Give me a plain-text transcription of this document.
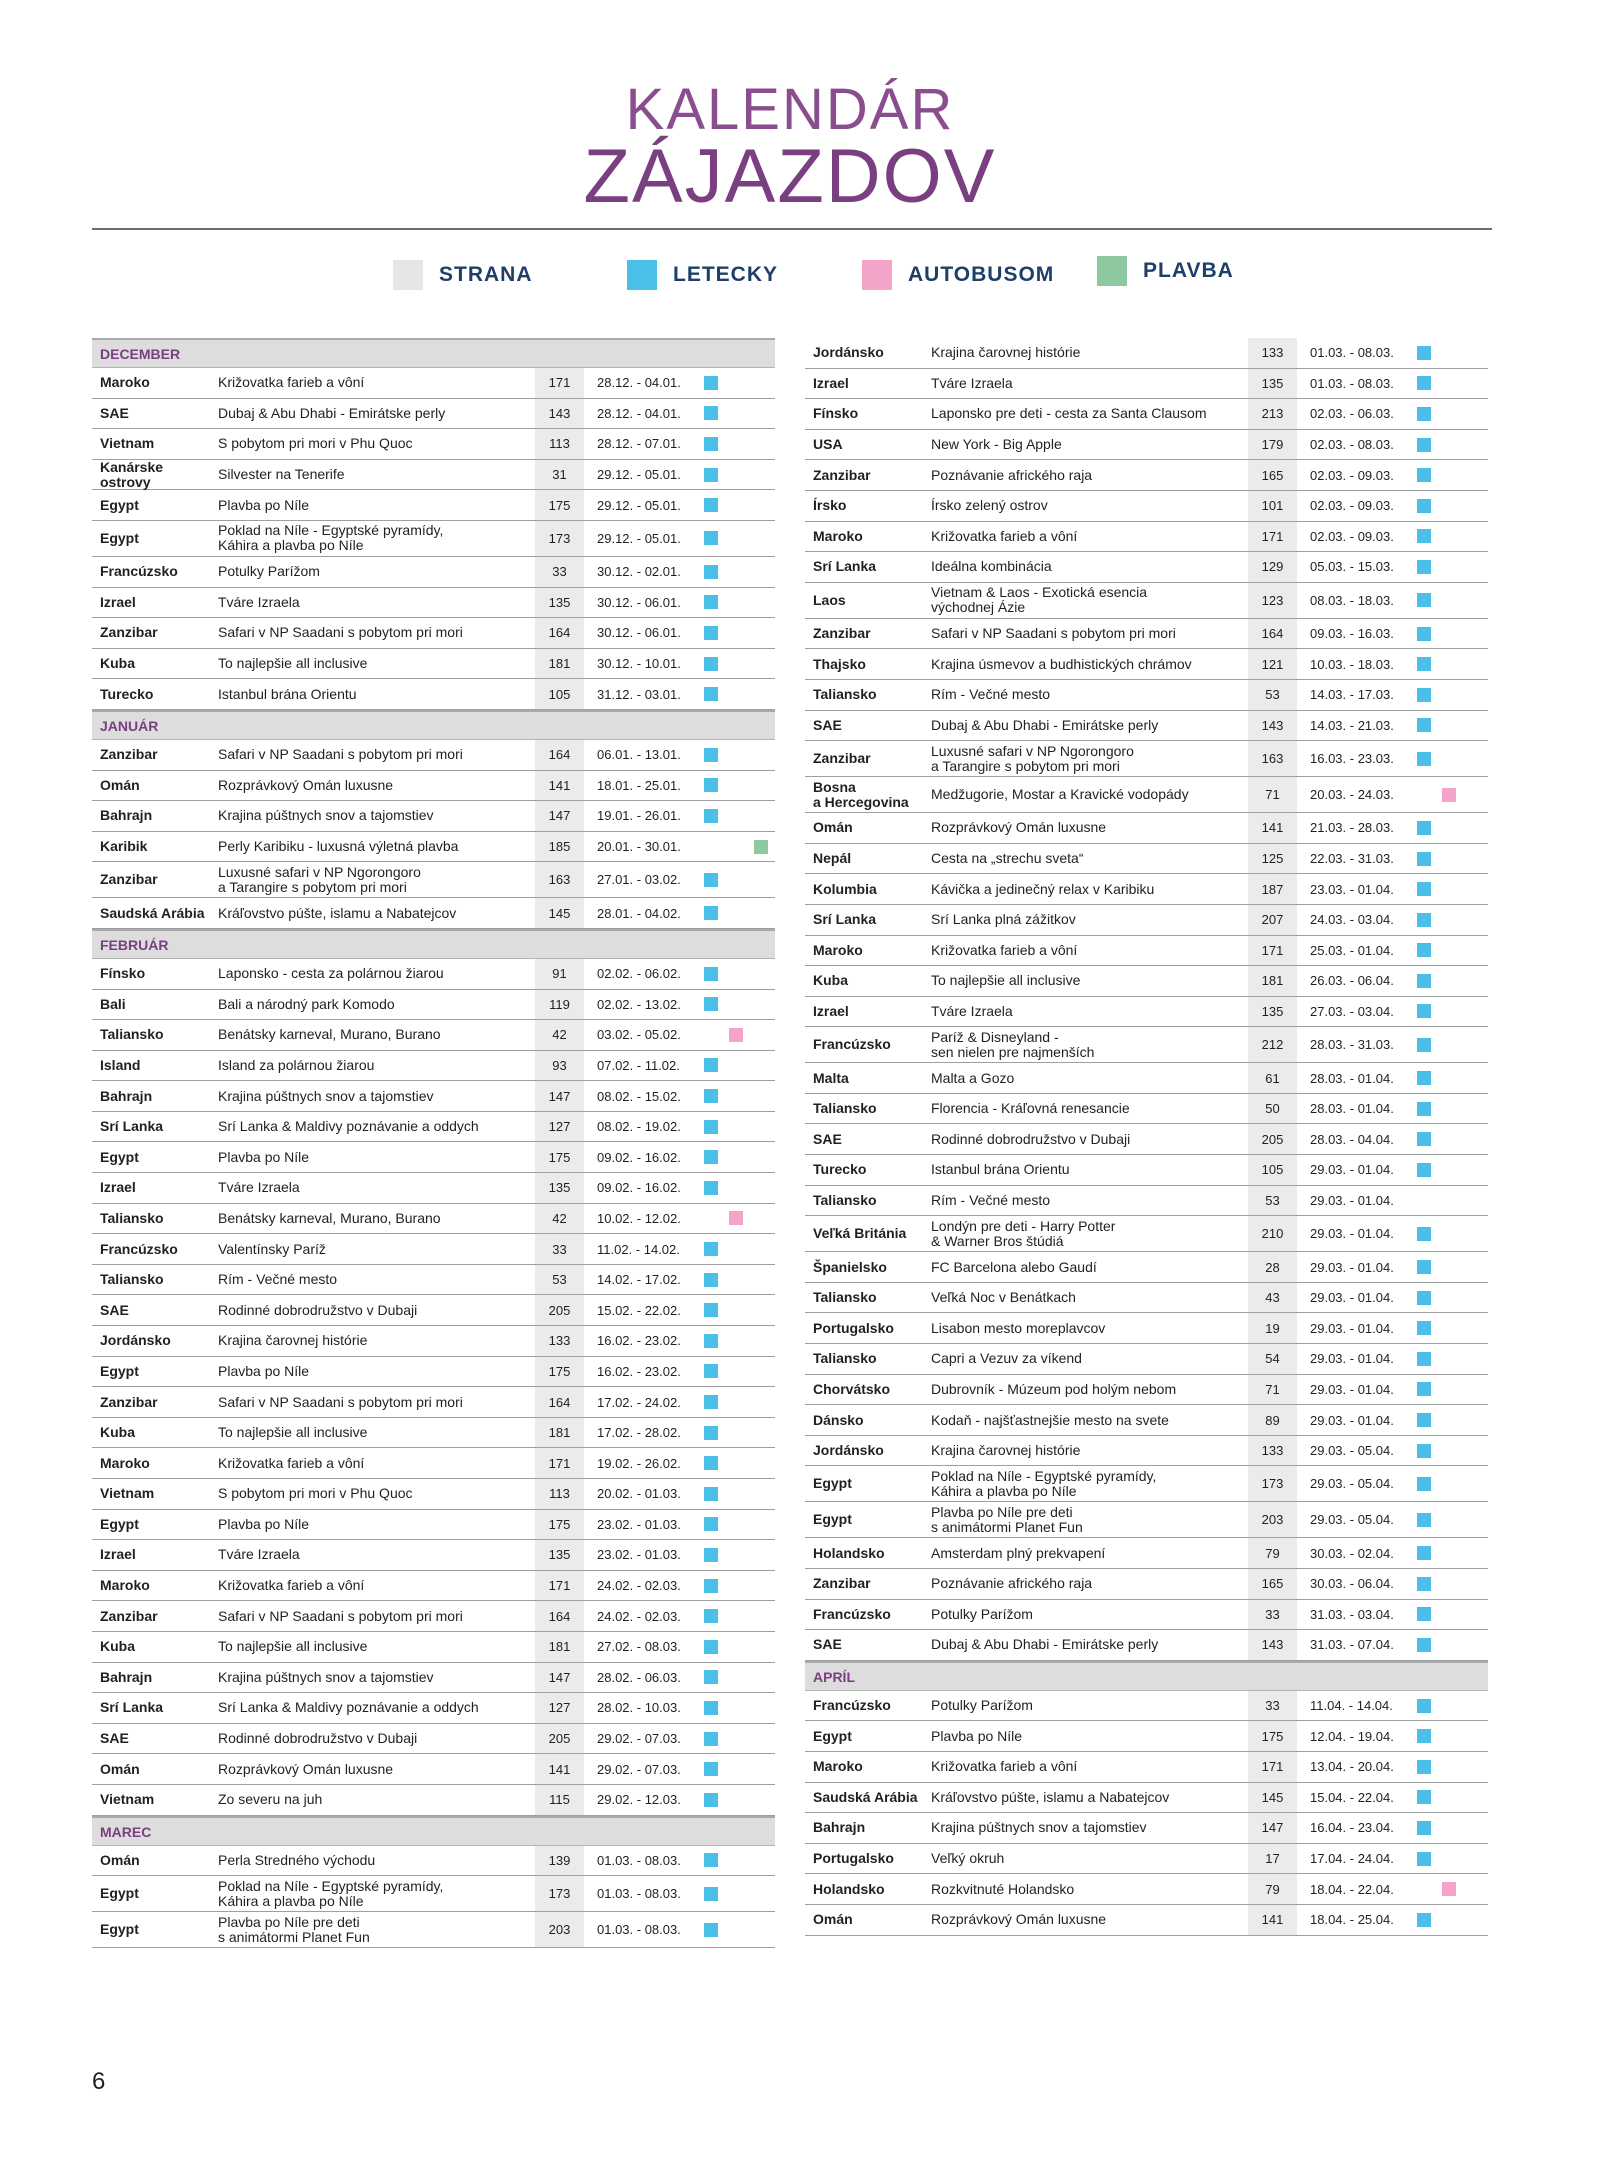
KALENDÁR
ZÁJAZDOV
STRANA	LETECKY	AUTOBUSOM	PLAVBA
DECEMBER
Maroko	Križovatka farieb a vôní	171	28.12. - 04.01.
SAE	Dubaj & Abu Dhabi - Emirátske perly	143	28.12. - 04.01.
Vietnam	S pobytom pri mori v Phu Quoc	113	28.12. - 07.01.
Kanárske ostrovy	Silvester na Tenerife	31	29.12. - 05.01.
Egypt	Plavba po Níle	175	29.12. - 05.01.
Egypt	Poklad na Níle - Egyptské pyramídy,
Káhira a plavba po Níle	173	29.12. - 05.01.
Francúzsko	Potulky Parížom	33	30.12. - 02.01.
Izrael	Tváre Izraela	135	30.12. - 06.01.
Zanzibar	Safari v NP Saadani s pobytom pri mori	164	30.12. - 06.01.
Kuba	To najlepšie all inclusive	181	30.12. - 10.01.
Turecko	Istanbul brána Orientu	105	31.12. - 03.01.
JANUÁR
Zanzibar	Safari v NP Saadani s pobytom pri mori	164	06.01. - 13.01.
Omán	Rozprávkový Omán luxusne	141	18.01. - 25.01.
Bahrajn	Krajina púštnych snov a tajomstiev	147	19.01. - 26.01.
Karibik	Perly Karibiku - luxusná výletná plavba	185	20.01. - 30.01.
Zanzibar	Luxusné safari v NP Ngorongoro
a Tarangire s pobytom pri mori	163	27.01. - 03.02.
Saudská Arábia Kráľovstvo púšte, islamu a Nabatejcov	145	28.01. - 04.02.
FEBRUÁR
Fínsko	Laponsko - cesta za polárnou žiarou	91	02.02. - 06.02.
Bali	Bali a národný park Komodo	119	02.02. - 13.02.
Taliansko	Benátsky karneval, Murano, Burano	42	03.02. - 05.02.
Island	Island za polárnou žiarou	93	07.02. - 11.02.
Bahrajn	Krajina púštnych snov a tajomstiev	147	08.02. - 15.02.
Srí Lanka	Srí Lanka & Maldivy poznávanie a oddych	127	08.02. - 19.02.
Egypt	Plavba po Níle	175	09.02. - 16.02.
Izrael	Tváre Izraela	135	09.02. - 16.02.
Taliansko	Benátsky karneval, Murano, Burano	42	10.02. - 12.02.
Francúzsko	Valentínsky Paríž	33	11.02. - 14.02.
Taliansko	Rím - Večné mesto	53	14.02. - 17.02.
SAE	Rodinné dobrodružstvo v Dubaji	205	15.02. - 22.02.
Jordánsko	Krajina čarovnej histórie	133	16.02. - 23.02.
Egypt	Plavba po Níle	175	16.02. - 23.02.
Zanzibar	Safari v NP Saadani s pobytom pri mori	164	17.02. - 24.02.
Kuba	To najlepšie all inclusive	181	17.02. - 28.02.
Maroko	Križovatka farieb a vôní	171	19.02. - 26.02.
Vietnam	S pobytom pri mori v Phu Quoc	113	20.02. - 01.03.
Egypt	Plavba po Níle	175	23.02. - 01.03.
Izrael	Tváre Izraela	135	23.02. - 01.03.
Maroko	Križovatka farieb a vôní	171	24.02. - 02.03.
Zanzibar	Safari v NP Saadani s pobytom pri mori	164	24.02. - 02.03.
Kuba	To najlepšie all inclusive	181	27.02. - 08.03.
Bahrajn	Krajina púštnych snov a tajomstiev	147	28.02. - 06.03.
Srí Lanka	Srí Lanka & Maldivy poznávanie a oddych	127	28.02. - 10.03.
SAE	Rodinné dobrodružstvo v Dubaji	205	29.02. - 07.03.
Omán	Rozprávkový Omán luxusne	141	29.02. - 07.03.
Vietnam	Zo severu na juh	115	29.02. - 12.03.
MAREC
Omán	Perla Stredného východu	139	01.03. - 08.03.
Egypt	Poklad na Níle - Egyptské pyramídy,
Káhira a plavba po Níle	173	01.03. - 08.03.
Egypt	Plavba po Níle pre deti
s animátormi Planet Fun	203	01.03. - 08.03.
Jordánsko	Krajina čarovnej histórie	133	01.03. - 08.03.
Izrael	Tváre Izraela	135	01.03. - 08.03.
Fínsko	Laponsko pre deti - cesta za Santa Clausom	213	02.03. - 06.03.
USA	New York - Big Apple	179	02.03. - 08.03.
Zanzibar	Poznávanie afrického raja	165	02.03. - 09.03.
Írsko	Írsko zelený ostrov	101	02.03. - 09.03.
Maroko	Križovatka farieb a vôní	171	02.03. - 09.03.
Srí Lanka	Ideálna kombinácia	129	05.03. - 15.03.
Laos	Vietnam & Laos - Exotická esencia
východnej Ázie	123	08.03. - 18.03.
Zanzibar	Safari v NP Saadani s pobytom pri mori	164	09.03. - 16.03.
Thajsko	Krajina úsmevov a budhistických chrámov	121	10.03. - 18.03.
Taliansko	Rím - Večné mesto	53	14.03. - 17.03.
SAE	Dubaj & Abu Dhabi - Emirátske perly	143	14.03. - 21.03.
Zanzibar	Luxusné safari v NP Ngorongoro
a Tarangire s pobytom pri mori	163	16.03. - 23.03.
Bosna
a Hercegovina	Medžugorie, Mostar a Kravické vodopády	71	20.03. - 24.03.
Omán	Rozprávkový Omán luxusne	141	21.03. - 28.03.
Nepál	Cesta na „strechu sveta“	125	22.03. - 31.03.
Kolumbia	Kávička a jedinečný relax v Karibiku	187	23.03. - 01.04.
Srí Lanka	Srí Lanka plná zážitkov	207	24.03. - 03.04.
Maroko	Križovatka farieb a vôní	171	25.03. - 01.04.
Kuba	To najlepšie all inclusive	181	26.03. - 06.04.
Izrael	Tváre Izraela	135	27.03. - 03.04.
Francúzsko	Paríž & Disneyland -
sen nielen pre najmenších	212	28.03. - 31.03.
Malta	Malta a Gozo	61	28.03. - 01.04.
Taliansko	Florencia - Kráľovná renesancie	50	28.03. - 01.04.
SAE	Rodinné dobrodružstvo v Dubaji	205	28.03. - 04.04.
Turecko	Istanbul brána Orientu	105	29.03. - 01.04.
Taliansko	Rím - Večné mesto	53	29.03. - 01.04.
Veľká Británia	Londýn pre deti - Harry Potter
& Warner Bros štúdiá	210	29.03. - 01.04.
Španielsko	FC Barcelona alebo Gaudí	28	29.03. - 01.04.
Taliansko	Veľká Noc v Benátkach	43	29.03. - 01.04.
Portugalsko	Lisabon mesto moreplavcov	19	29.03. - 01.04.
Taliansko	Capri a Vezuv za víkend	54	29.03. - 01.04.
Chorvátsko	Dubrovník - Múzeum pod holým nebom	71	29.03. - 01.04.
Dánsko	Kodaň - najšťastnejšie mesto na svete	89	29.03. - 01.04.
Jordánsko	Krajina čarovnej histórie	133	29.03. - 05.04.
Egypt	Poklad na Níle - Egyptské pyramídy,
Káhira a plavba po Níle	173	29.03. - 05.04.
Egypt	Plavba po Níle pre deti
s animátormi Planet Fun	203	29.03. - 05.04.
Holandsko	Amsterdam plný prekvapení	79	30.03. - 02.04.
Zanzibar	Poznávanie afrického raja	165	30.03. - 06.04.
Francúzsko	Potulky Parížom	33	31.03. - 03.04.
SAE	Dubaj & Abu Dhabi - Emirátske perly	143	31.03. - 07.04.
APRÍL
Francúzsko	Potulky Parížom	33	11.04. - 14.04.
Egypt	Plavba po Níle	175	12.04. - 19.04.
Maroko	Križovatka farieb a vôní	171	13.04. - 20.04.
Saudská Arábia Kráľovstvo púšte, islamu a Nabatejcov	145	15.04. - 22.04.
Bahrajn	Krajina púštnych snov a tajomstiev	147	16.04. - 23.04.
Portugalsko	Veľký okruh	17	17.04. - 24.04.
Holandsko	Rozkvitnuté Holandsko	79	18.04. - 22.04.
Omán	Rozprávkový Omán luxusne	141	18.04. - 25.04.
6
